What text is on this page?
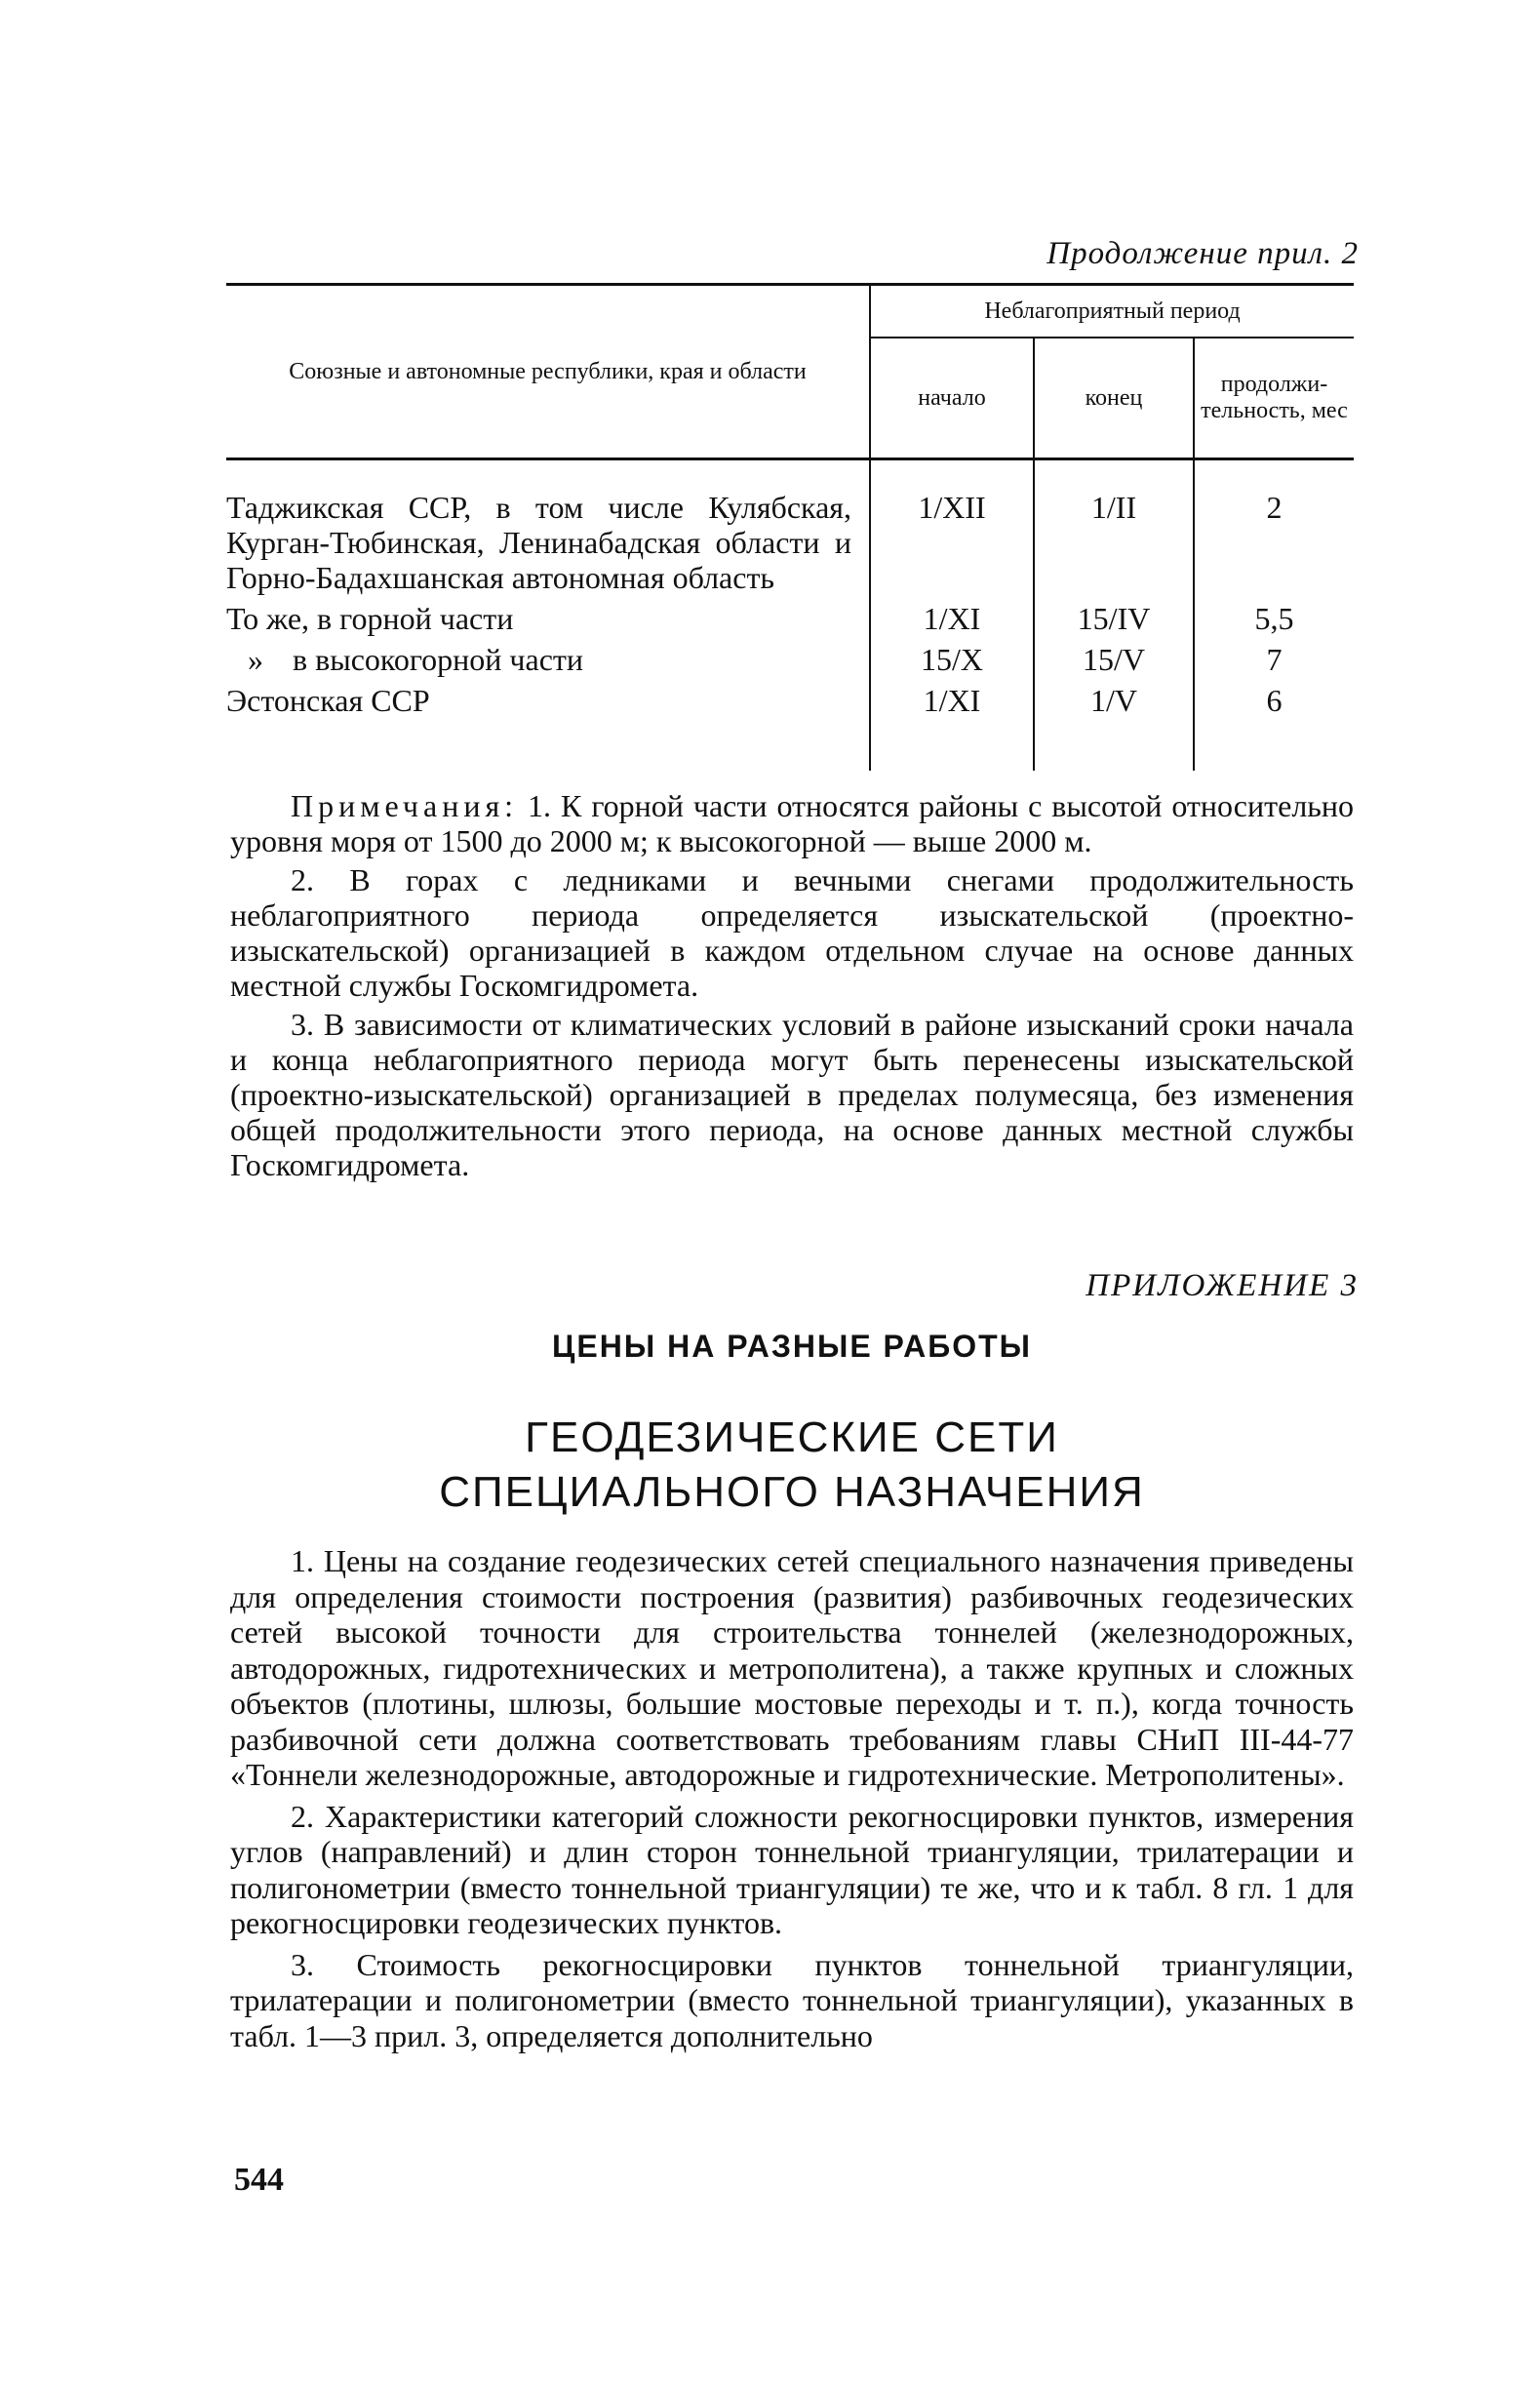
Продолжение прил. 2
Союзные и автономные республики, края и области	Неблагоприятный период		
	начало	конец	продолжи-тельность, мес
Таджикская ССР, в том числе Кулябская, Курган-Тюбинская, Ленинабадская области и Горно-Бадахшанская автономная область	1/XII	1/II	2
То же, в горной части	1/XI	15/IV	5,5
» в высокогорной части	15/X	15/V	7
Эстонская ССР	1/XI	1/V	6

Примечания: 1. К горной части относятся районы с высотой относительно уровня моря от 1500 до 2000 м; к высокогорной — выше 2000 м.

2. В горах с ледниками и вечными снегами продолжительность неблагоприятного периода определяется изыскательской (проектно-изыскательской) организацией в каждом отдельном случае на основе данных местной службы Госкомгидромета.

3. В зависимости от климатических условий в районе изысканий сроки начала и конца неблагоприятного периода могут быть перенесены изыскательской (проектно-изыскательской) организацией в пределах полумесяца, без изменения общей продолжительности этого периода, на основе данных местной службы Госкомгидромета.

ПРИЛОЖЕНИЕ 3
ЦЕНЫ НА РАЗНЫЕ РАБОТЫ
ГЕОДЕЗИЧЕСКИЕ СЕТИ
СПЕЦИАЛЬНОГО НАЗНАЧЕНИЯ

1. Цены на создание геодезических сетей специального назначения приведены для определения стоимости построения (развития) разбивочных геодезических сетей высокой точности для строительства тоннелей (железнодорожных, автодорожных, гидротехнических и метрополитена), а также крупных и сложных объектов (плотины, шлюзы, большие мостовые переходы и т. п.), когда точность разбивочной сети должна соответствовать требованиям главы СНиП III-44-77 «Тоннели железнодорожные, автодорожные и гидротехнические. Метрополитены».

2. Характеристики категорий сложности рекогносцировки пунктов, измерения углов (направлений) и длин сторон тоннельной триангуляции, трилатерации и полигонометрии (вместо тоннельной триангуляции) те же, что и к табл. 8 гл. 1 для рекогносцировки геодезических пунктов.

3. Стоимость рекогносцировки пунктов тоннельной триангуляции, трилатерации и полигонометрии (вместо тоннельной триангуляции), указанных в табл. 1—3 прил. 3, определяется дополнительно

544
